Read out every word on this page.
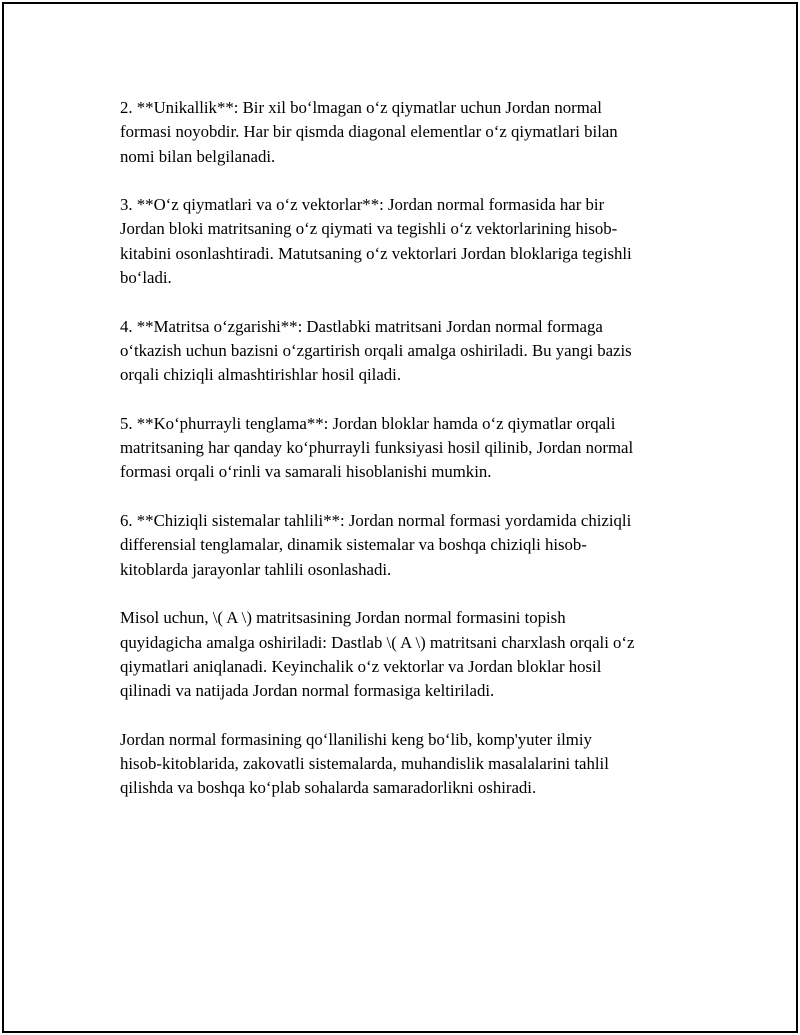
2. **Unikallik**: Bir xil bo‘lmagan o‘z qiymatlar uchun Jordan normal
formasi noyobdir. Har bir qismda diagonal elementlar o‘z qiymatlari bilan
nomi bilan belgilanadi.

3. **O‘z qiymatlari va o‘z vektorlar**: Jordan normal formasida har bir
Jordan bloki matritsaning o‘z qiymati va tegishli o‘z vektorlarining hisob-
kitabini osonlashtiradi. Matutsaning o‘z vektorlari Jordan bloklariga tegishli
bo‘ladi.

4. **Matritsa o‘zgarishi**: Dastlabki matritsani Jordan normal formaga
o‘tkazish uchun bazisni o‘zgartirish orqali amalga oshiriladi. Bu yangi bazis
orqali chiziqli almashtirishlar hosil qiladi.

5. **Ko‘phurrayli tenglama**: Jordan bloklar hamda o‘z qiymatlar orqali
matritsaning har qanday ko‘phurrayli funksiyasi hosil qilinib, Jordan normal
formasi orqali o‘rinli va samarali hisoblanishi mumkin.

6. **Chiziqli sistemalar tahlili**: Jordan normal formasi yordamida chiziqli
differensial tenglamalar, dinamik sistemalar va boshqa chiziqli hisob-
kitoblarda jarayonlar tahlili osonlashadi.

Misol uchun, \( A \) matritsasining Jordan normal formasini topish
quyidagicha amalga oshiriladi: Dastlab \( A \) matritsani charxlash orqali o‘z
qiymatlari aniqlanadi. Keyinchalik o‘z vektorlar va Jordan bloklar hosil
qilinadi va natijada Jordan normal formasiga keltiriladi.

Jordan normal formasining qo‘llanilishi keng bo‘lib, komp'yuter ilmiy
hisob-kitoblarida, zakovatli sistemalarda, muhandislik masalalarini tahlil
qilishda va boshqa ko‘plab sohalarda samaradorlikni oshiradi.
